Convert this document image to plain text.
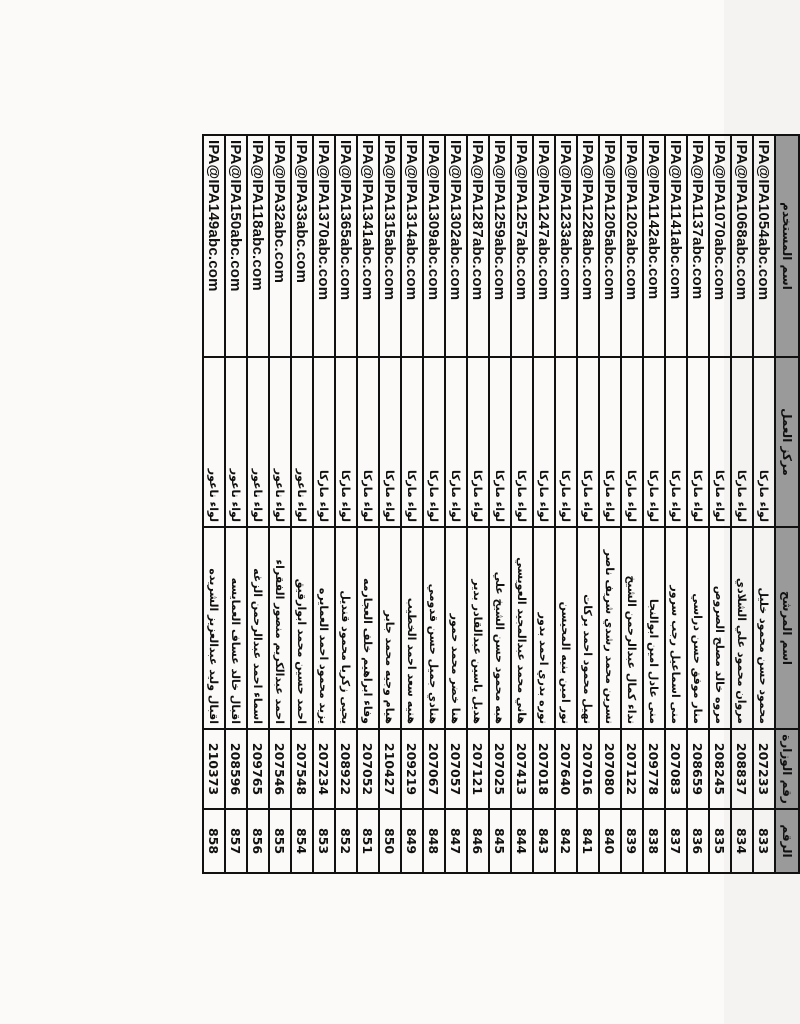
الرقم	رقم الوزارة	اسم المرشح	مركز العمل	اسم المستخدم
833	207233	محمود حسن محمود خليل	لواء ماركا	IPA@IPA1054abc.com
834	208837	مروان محمود علي الشلادي	لواء ماركا	IPA@IPA1068abc.com
835	208245	مروه خالد مصلح الصروص	لواء ماركا	IPA@IPA1070abc.com
836	208659	منار موفق حسن دراسي	لواء ماركا	IPA@IPA1137abc.com
837	207083	منى اسماعيل رجب سرور	لواء ماركا	IPA@IPA1141abc.com
838	209778	منى عادل امين ابوالنجا	لواء ماركا	IPA@IPA1142abc.com
839	207122	نداء كمال عبدالرحمن الشيخ	لواء ماركا	IPA@IPA1202abc.com
840	207080	نسرين محمد رشدي شريف ناصر	لواء ماركا	IPA@IPA1205abc.com
841	207016	نهيل محمود احمد بركات	لواء ماركا	IPA@IPA1228abc.com
842	207640	نور امين بنيه المحيسن	لواء ماركا	IPA@IPA1233abc.com
843	207018	نوره بدري احمد بدور	لواء ماركا	IPA@IPA1247abc.com
844	207413	هاني محمد عبدالمجيد العويسي	لواء ماركا	IPA@IPA1257abc.com
845	207025	هبه محمود حسن الشيخ علي	لواء ماركا	IPA@IPA1259abc.com
846	207121	هديل ياسين عبدالقادر بدير	لواء ماركا	IPA@IPA1287abc.com
847	207057	هنا خضر محمد حمور	لواء ماركا	IPA@IPA1302abc.com
848	207067	هنادي جميل حسن قدومي	لواء ماركا	IPA@IPA1309abc.com
849	209219	هنيه سعد احمد الخطيب	لواء ماركا	IPA@IPA1314abc.com
850	210427	هيام وجيه محمد جابر	لواء ماركا	IPA@IPA1315abc.com
851	207052	وفاء ابراهيم خلف العجارمه	لواء ماركا	IPA@IPA1341abc.com
852	208922	يحيى زكريا محمود قنديل	لواء ماركا	IPA@IPA1365abc.com
853	207234	يزيد محمود احمد العمايره	لواء ماركا	IPA@IPA1370abc.com
854	207548	احمد حسين محمد ابوارقيق	لواء ناعور	IPA@IPA33abc.com
855	207546	احمد عبدالكريم منصور الفقراء	لواء ناعور	IPA@IPA32abc.com
856	209765	اسماء احمد عبدالرحمن الزغه	لواء ناعور	IPA@IPA118abc.com
857	208596	اقبال خالد عساف العمايسه	لواء ناعور	IPA@IPA150abc.com
858	210373	اقبال وليد عبدالعزيز الشريده	لواء ناعور	IPA@IPA149abc.com
